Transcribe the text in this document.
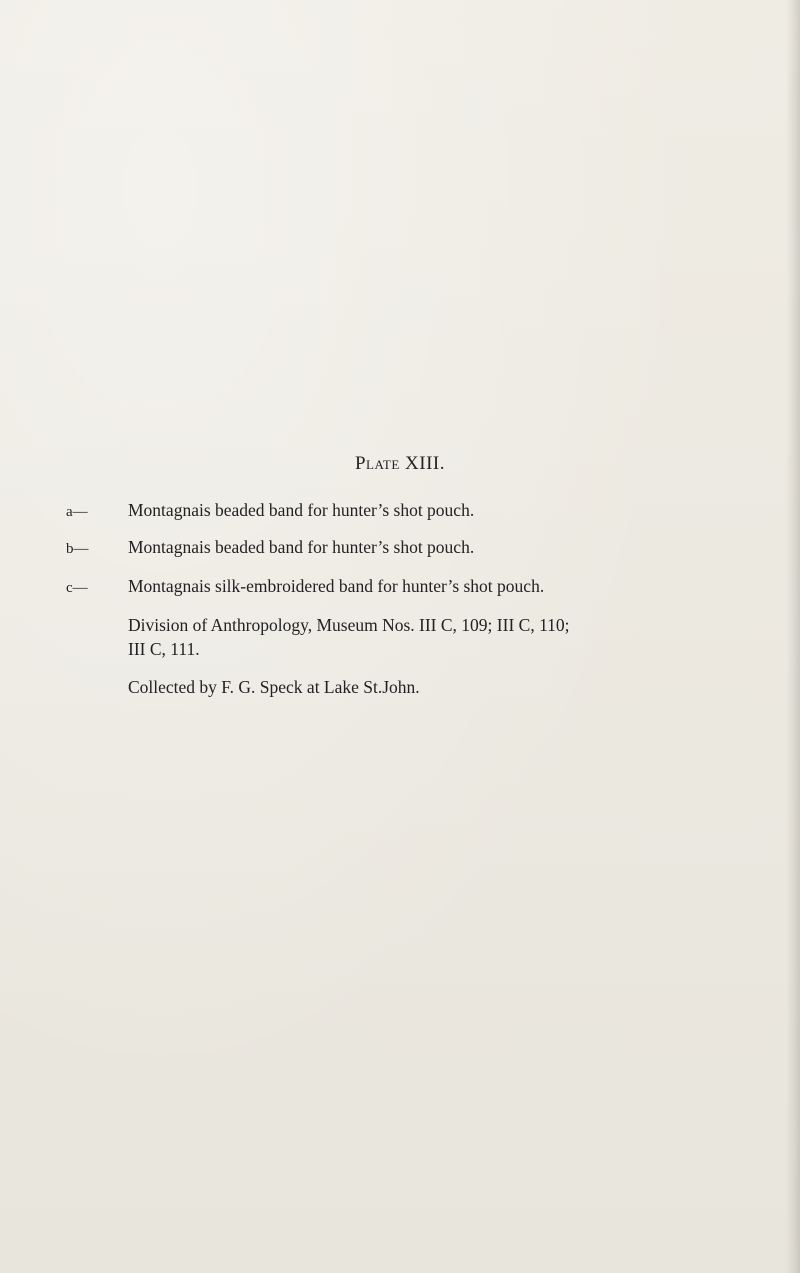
Plate XIII.
a— Montagnais beaded band for hunter’s shot pouch.
b— Montagnais beaded band for hunter’s shot pouch.
c— Montagnais silk-embroidered band for hunter’s shot pouch.
Division of Anthropology, Museum Nos. III C, 109; III C, 110;
III C, 111.
Collected by F. G. Speck at Lake St.John.
